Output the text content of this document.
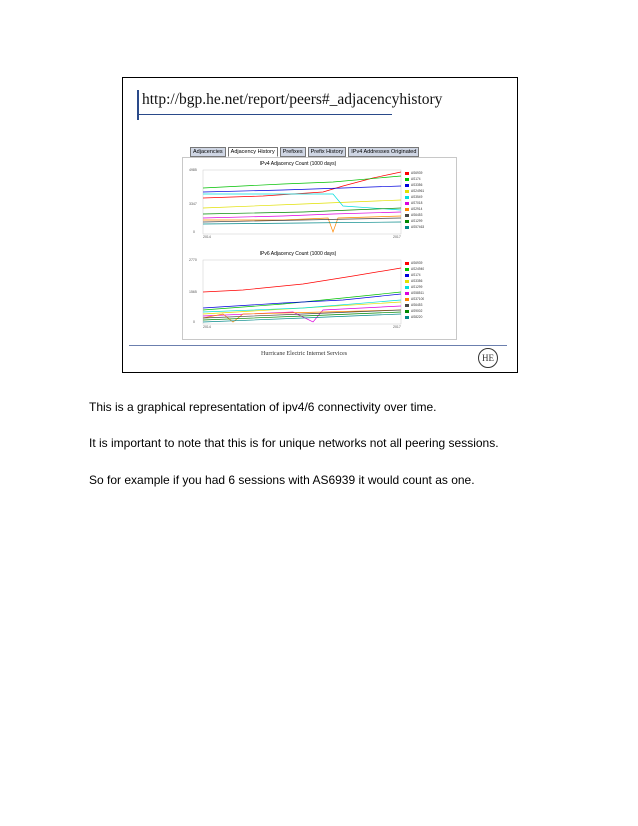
http://bgp.he.net/report/peers#_adjacencyhistory
Adjacencies	Adjacency History	Prefixes	Prefix History	IPv4 Addresses Originated
IPv4 Adjacency Count (1000 days)
4985
3347
0
2014	2017
AS6939
AS174
AS3356
AS24961
AS3549
AS7018
AS2914
AS6453
AS1299
AS57463
IPv6 Adjacency Count (1000 days)
2770
1565
0
2014	2017
AS6939
AS24940
AS174
AS3356
AS1299
AS58511
AS37100
AS6453
AS9002
AS8220
Hurricane Electric Internet Services	HE
This is a graphical representation of ipv4/6 connectivity over time.
It is important to note that this is for unique networks not all peering sessions.
So for example if you had 6 sessions with AS6939 it would count as one.
